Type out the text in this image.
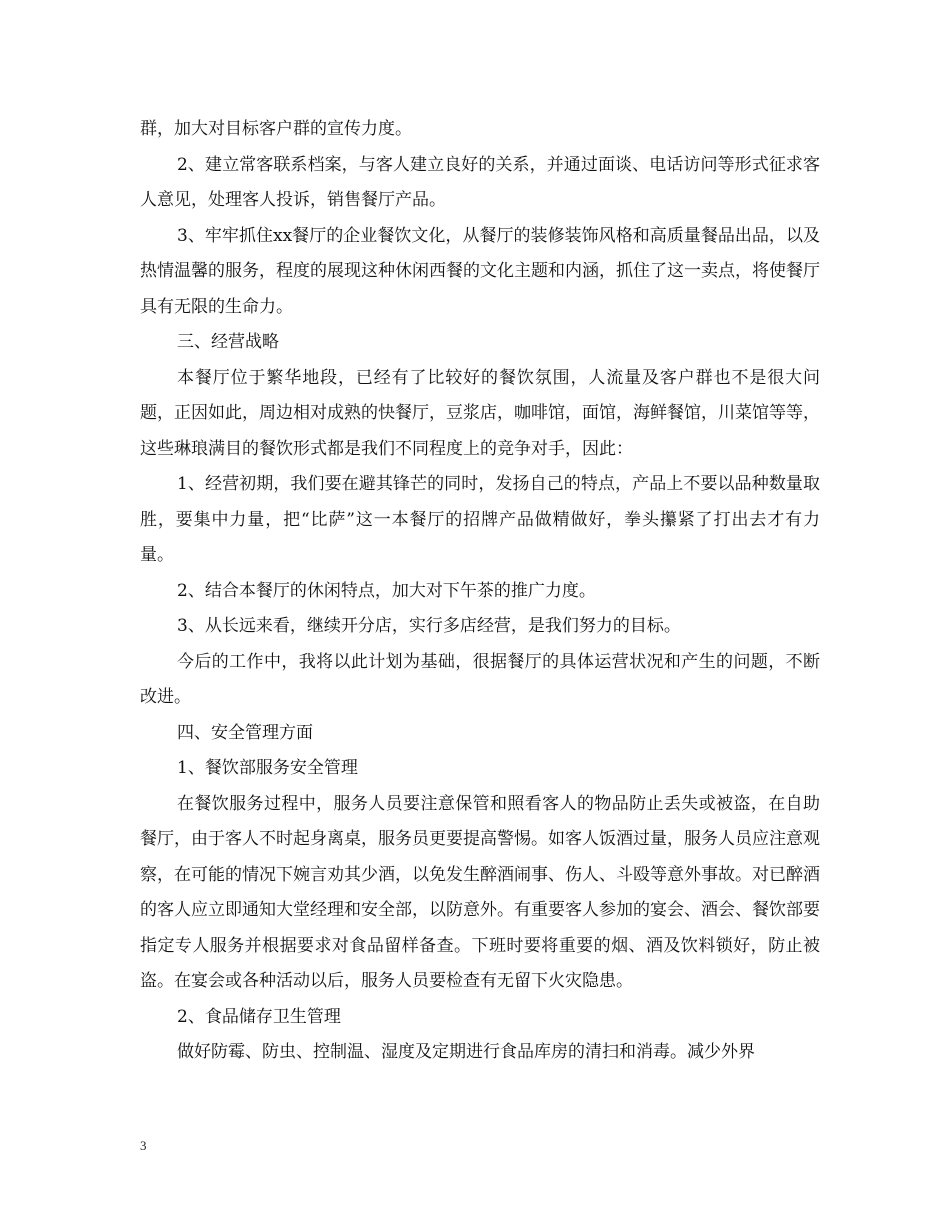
群，加大对目标客户群的宣传力度。

2、建立常客联系档案，与客人建立良好的关系，并通过面谈、电话访问等形式征求客人意见，处理客人投诉，销售餐厅产品。

3、牢牢抓住xx餐厅的企业餐饮文化，从餐厅的装修装饰风格和高质量餐品出品，以及热情温馨的服务，程度的展现这种休闲西餐的文化主题和内涵，抓住了这一卖点，将使餐厅具有无限的生命力。

三、经营战略

本餐厅位于繁华地段，已经有了比较好的餐饮氛围，人流量及客户群也不是很大问题，正因如此，周边相对成熟的快餐厅，豆浆店，咖啡馆，面馆，海鲜餐馆，川菜馆等等，这些琳琅满目的餐饮形式都是我们不同程度上的竞争对手，因此：

1、经营初期，我们要在避其锋芒的同时，发扬自己的特点，产品上不要以品种数量取胜，要集中力量，把“比萨”这一本餐厅的招牌产品做精做好，拳头攥紧了打出去才有力量。

2、结合本餐厅的休闲特点，加大对下午茶的推广力度。

3、从长远来看，继续开分店，实行多店经营，是我们努力的目标。

今后的工作中，我将以此计划为基础，很据餐厅的具体运营状况和产生的问题，不断改进。

四、安全管理方面

1、餐饮部服务安全管理

在餐饮服务过程中，服务人员要注意保管和照看客人的物品防止丢失或被盗，在自助餐厅，由于客人不时起身离桌，服务员更要提高警惕。如客人饭酒过量，服务人员应注意观察，在可能的情况下婉言劝其少酒，以免发生醉酒闹事、伤人、斗殴等意外事故。对已醉酒的客人应立即通知大堂经理和安全部，以防意外。有重要客人参加的宴会、酒会、餐饮部要指定专人服务并根据要求对食品留样备查。下班时要将重要的烟、酒及饮料锁好，防止被盗。在宴会或各种活动以后，服务人员要检查有无留下火灾隐患。

2、食品储存卫生管理

做好防霉、防虫、控制温、湿度及定期进行食品库房的清扫和消毒。减少外界

3
